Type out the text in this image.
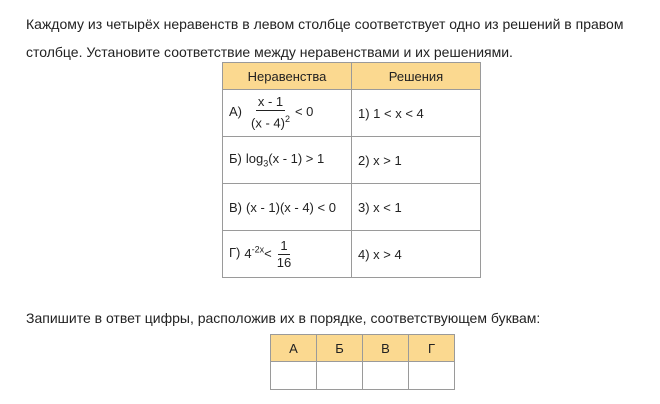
Каждому из четырёх неравенств в левом столбце соответствует одно из решений в правом столбце. Установите соответствие между неравенствами и их решениями.
Неравенства	Решения
$А) \frac{x - 1}{(x - 4)^2} < 0$	1) 1 < x < 4
Б) $\log_3(x - 1) > 1$	2) x > 1
В) (x - 1)(x - 4) < 0	3) x < 1
Г) $4^{-2x}< \frac{1}{16}$	4) x > 4
Запишите в ответ цифры, расположив их в порядке, соответствующем буквам:
А	Б	В	Г
